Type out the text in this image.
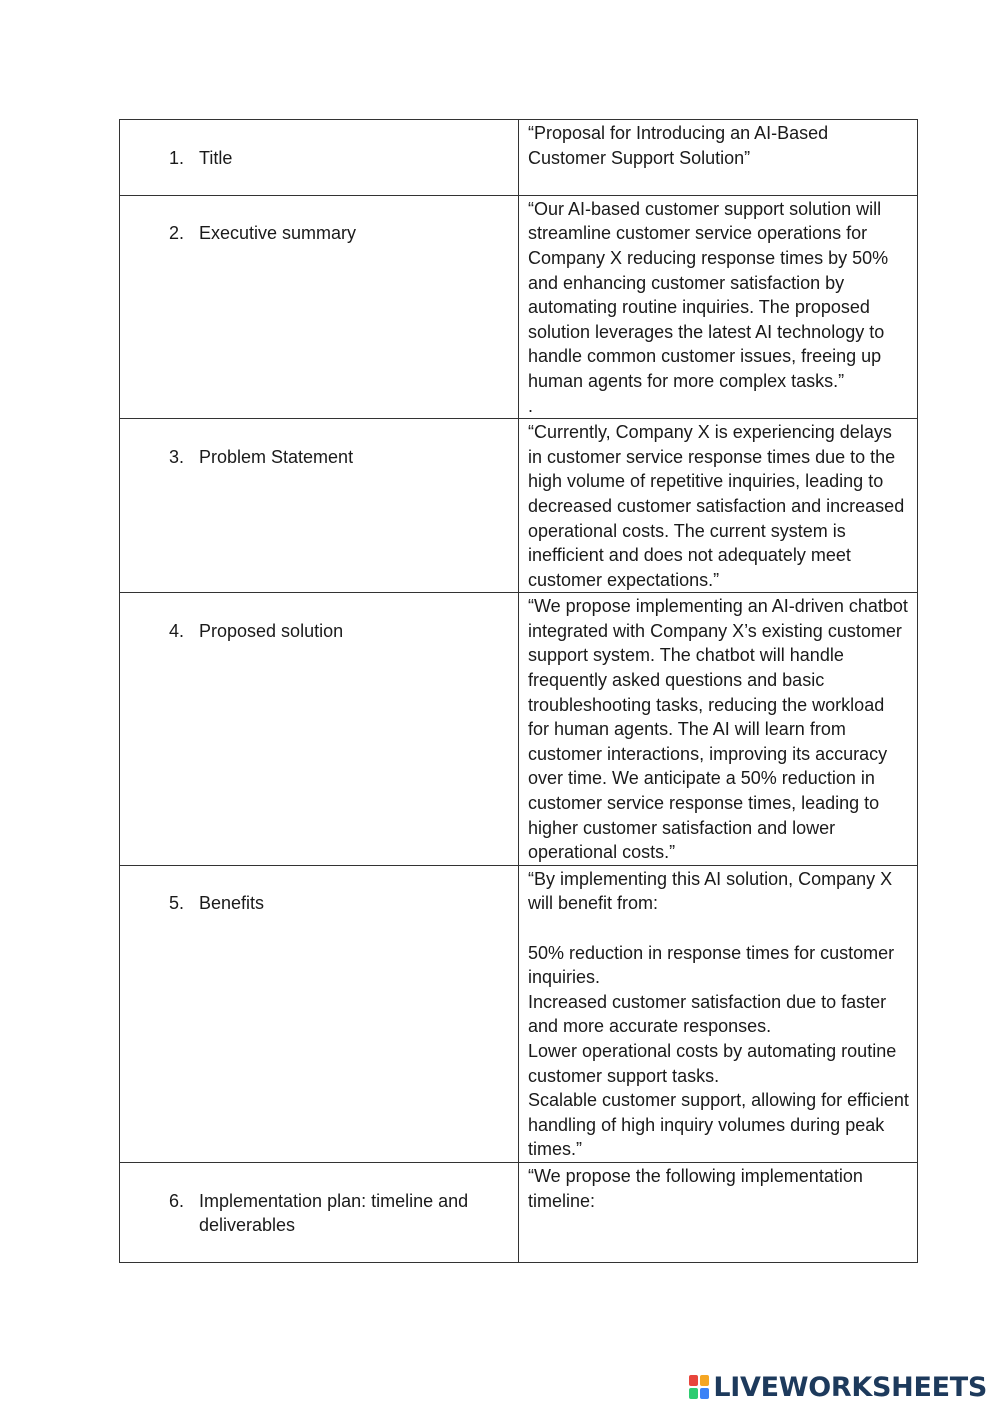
1. Title	“Proposal for Introducing an AI-Based Customer Support Solution”

2. Executive summary	“Our AI-based customer support solution will streamline customer service operations for Company X reducing response times by 50% and enhancing customer satisfaction by automating routine inquiries. The proposed solution leverages the latest AI technology to handle common customer issues, freeing up human agents for more complex tasks.”
.

3. Problem Statement	“Currently, Company X is experiencing delays in customer service response times due to the high volume of repetitive inquiries, leading to decreased customer satisfaction and increased operational costs. The current system is inefficient and does not adequately meet customer expectations.”

4. Proposed solution	“We propose implementing an AI-driven chatbot integrated with Company X’s existing customer support system. The chatbot will handle frequently asked questions and basic troubleshooting tasks, reducing the workload for human agents. The AI will learn from customer interactions, improving its accuracy over time. We anticipate a 50% reduction in customer service response times, leading to higher customer satisfaction and lower operational costs.”

5. Benefits	“By implementing this AI solution, Company X will benefit from:

50% reduction in response times for customer inquiries.
Increased customer satisfaction due to faster and more accurate responses.
Lower operational costs by automating routine customer support tasks.
Scalable customer support, allowing for efficient handling of high inquiry volumes during peak times.”

6. Implementation plan: timeline and deliverables	“We propose the following implementation timeline:
LIVEWORKSHEETS
